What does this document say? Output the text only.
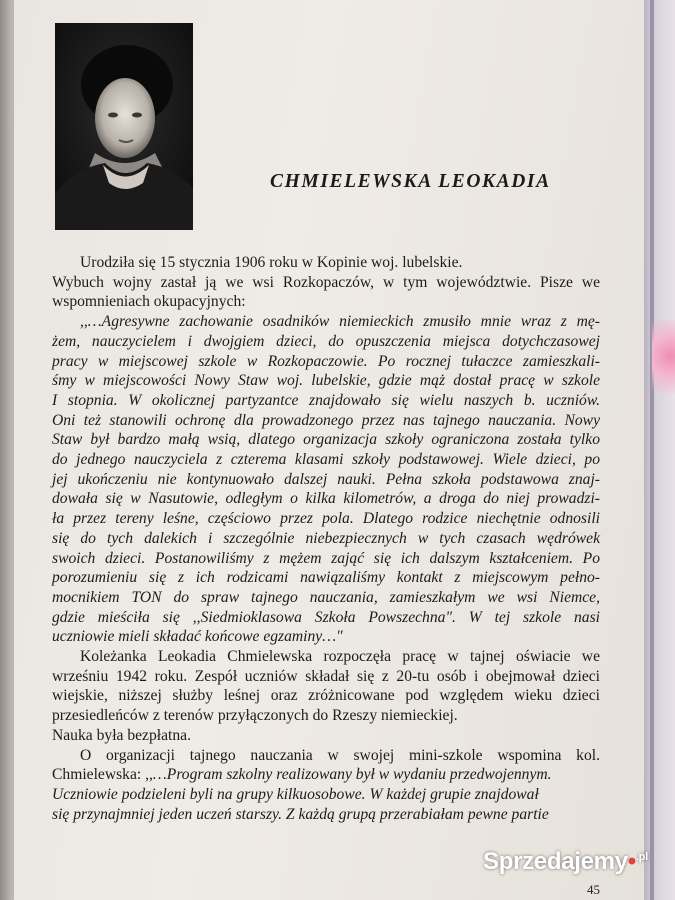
CHMIELEWSKA LEOKADIA

Urodziła się 15 stycznia 1906 roku w Kopinie woj. lubelskie.

Wybuch wojny zastał ją we wsi Rozkopaczów, w tym województwie. Pisze we wspomnieniach okupacyjnych:

,,…Agresywne zachowanie osadników niemieckich zmusiło mnie wraz z mę-
żem, nauczycielem i dwojgiem dzieci, do opuszczenia miejsca dotychczasowej
pracy w miejscowej szkole w Rozkopaczowie. Po rocznej tułaczce zamieszkali-
śmy w miejscowości Nowy Staw woj. lubelskie, gdzie mąż dostał pracę w szkole
I stopnia. W okolicznej partyzantce znajdowało się wielu naszych b. uczniów.
Oni też stanowili ochronę dla prowadzonego przez nas tajnego nauczania. Nowy
Staw był bardzo małą wsią, dlatego organizacja szkoły ograniczona została tylko
do jednego nauczyciela z czterema klasami szkoły podstawowej. Wiele dzieci, po
jej ukończeniu nie kontynuowało dalszej nauki. Pełna szkoła podstawowa znaj-
dowała się w Nasutowie, odległym o kilka kilometrów, a droga do niej prowadzi-
ła przez tereny leśne, częściowo przez pola. Dlatego rodzice niechętnie odnosili
się do tych dalekich i szczególnie niebezpiecznych w tych czasach wędrówek
swoich dzieci. Postanowiliśmy z mężem zająć się ich dalszym kształceniem. Po
porozumieniu się z ich rodzicami nawiązaliśmy kontakt z miejscowym pełno-
mocnikiem TON do spraw tajnego nauczania, zamieszkałym we wsi Niemce,
gdzie mieściła się ,,Siedmioklasowa Szkoła Powszechna". W tej szkole nasi
uczniowie mieli składać końcowe egzaminy…"

Koleżanka Leokadia Chmielewska rozpoczęła pracę w tajnej oświacie we wrześniu 1942 roku. Zespół uczniów składał się z 20-tu osób i obejmował dzieci wiejskie, niższej służby leśnej oraz zróżnicowane pod względem wieku dzieci przesiedleńców z terenów przyłączonych do Rzeszy niemieckiej.

Nauka była bezpłatna.

O organizacji tajnego nauczania w swojej mini-szkole wspomina kol. Chmielewska: ,,…Program szkolny realizowany był w wydaniu przedwojennym.

Uczniowie podzieleni byli na grupy kilkuosobowe. W każdej grupie znajdował

się przynajmniej jeden uczeń starszy. Z każdą grupą przerabiałam pewne partie

45
Sprzedajemy•$^{.pl}$
